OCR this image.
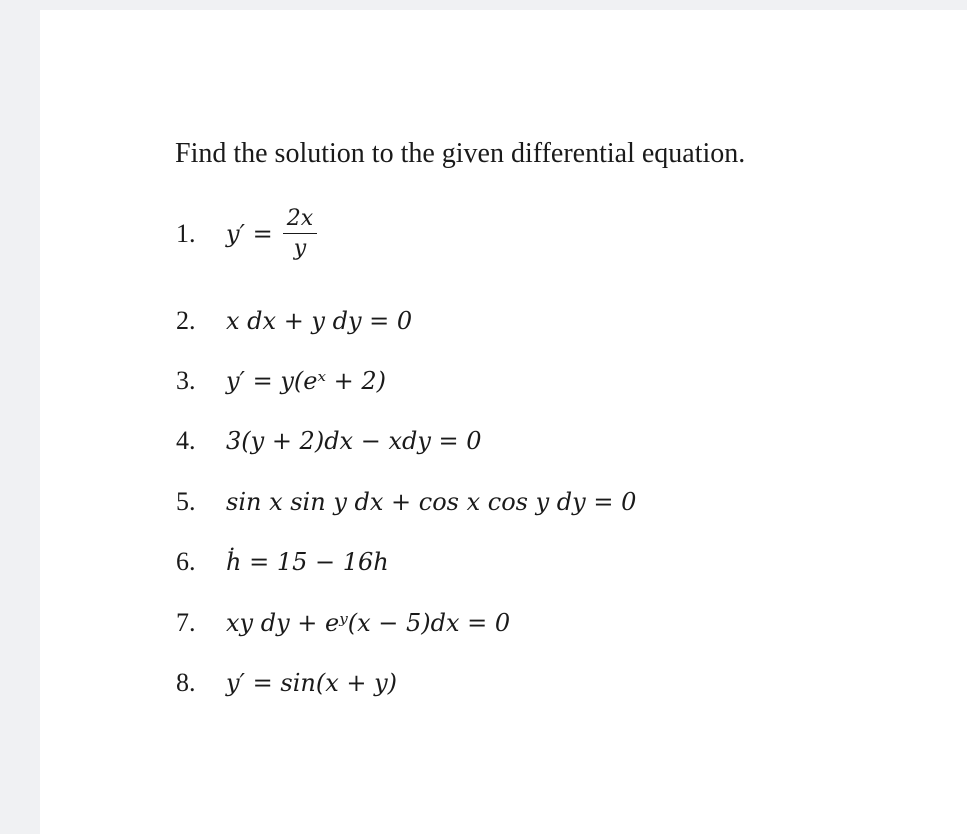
Find the solution to the given differential equation.
1.	$y' = \frac{2x}{y}$
2.	x dx + y dy = 0
3.	y′ = y(eˣ + 2)
4.	3(y + 2)dx − xdy = 0
5.	sin x sin y dx + cos x cos y dy = 0
6.	ḣ = 15 − 16h
7.	xy dy + eʸ(x − 5)dx = 0
8.	y′ = sin(x + y)
